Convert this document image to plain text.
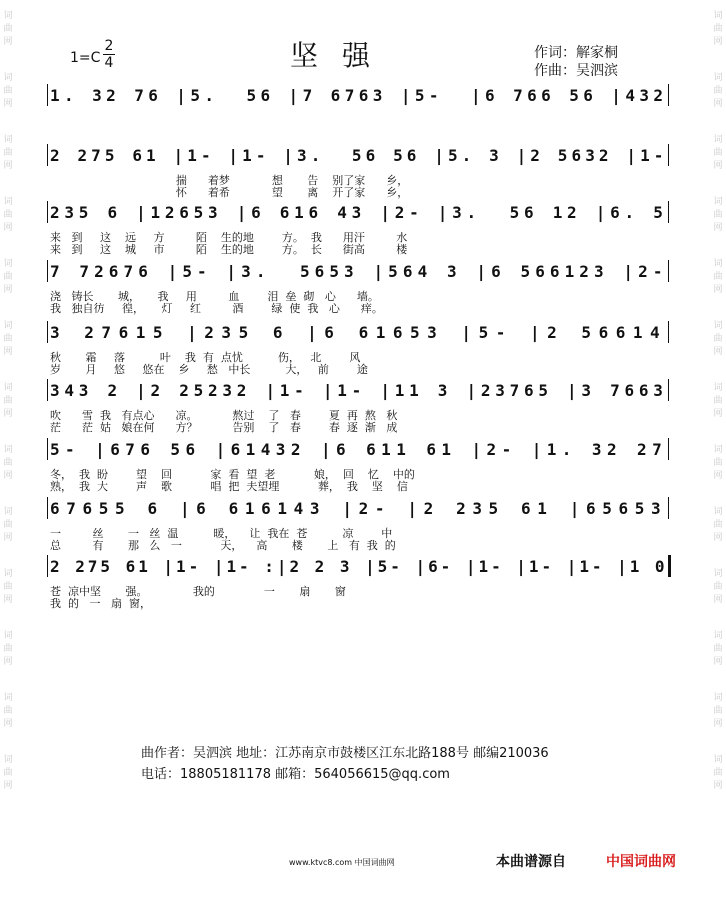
词
曲
网
词
曲
网
词
曲
网
词
曲
网
词
曲
网
词
曲
网
词
曲
网
词
曲
网
词
曲
网
词
曲
网
词
曲
网
词
曲
网
词
曲
网
词
曲
网
词
曲
网
词
曲
网
词
曲
网
词
曲
网
词
曲
网
词
曲
网
词
曲
网
词
曲
网
词
曲
网
词
曲
网
词
曲
网
词
曲
网
1=C
2
4	坚强	作词：解家桐
作曲：吴泗滨
1. 32 76 |5.  56 |7 6763 |5-  |6 766 56 |432
2 275 61 |1- |1- |3.  56 56 |5. 3 |2 5632 |1-
揣      着梦            想       告    别了家      乡，
怀      着希            望       离    开了家      乡，
235 6 |12653 |6 616 43 |2- |3.  56 12 |6. 5
来   到     这    远     方         陌    生的地        方。  我      用汗         水
来   到     这    城     市         陌    生的地        方。  长      街高         楼
7 72676 |5- |3.  5653 |564 3 |6 566123 |2-
浇   铸长       城，     我     用         血        泪  垒  砌   心      墙。
我   独自彷     徨，     灯     红         酒        绿  使  我   心      痒。
3 27615 |235 6 |6 61653 |5- |2 56614
秋       霜     落          叶    我  有  点忧          伤，   北        风
岁       月     悠     悠在    乡     愁   中长          大，   前        途
343 2 |2 25232 |1- |1- |11 3 |23765 |3 7663
吹      雪  我   有点心      凉。          熬过    了   春        夏  再  熬   秋
茫      茫  姑   娘在何      方？          告别    了   春        春  逐  渐   成
5- |676 56 |61432 |6 611 61 |2- |1. 32 27
冬，  我  盼        望    回           家  看  望  老           娘，  回    忆    中的
熟，  我  大        声    歌           唱  把  夫望埋           葬，  我    坚    信
67655 6 |6 616143 |2- |2 235 61 |65653
一         丝       一   丝  温          暖，    让  我在  苍          凉        中
总         有       那   么   一           天，    高       楼       上   有  我  的
2 275 61 |1- |1- :|2 2 3 |5- |6- |1- |1- |1- |1 0
苍  凉中坚       强。             我的              一       扇       窗
我  的   一   扇  窗，
曲作者：吴泗滨 地址：江苏南京市鼓楼区江东北路188号 邮编210036
电话：18805181178 邮箱：564056615@qq.com
www.ktvc8.com 中国词曲网	本曲谱源自	中国词曲网
